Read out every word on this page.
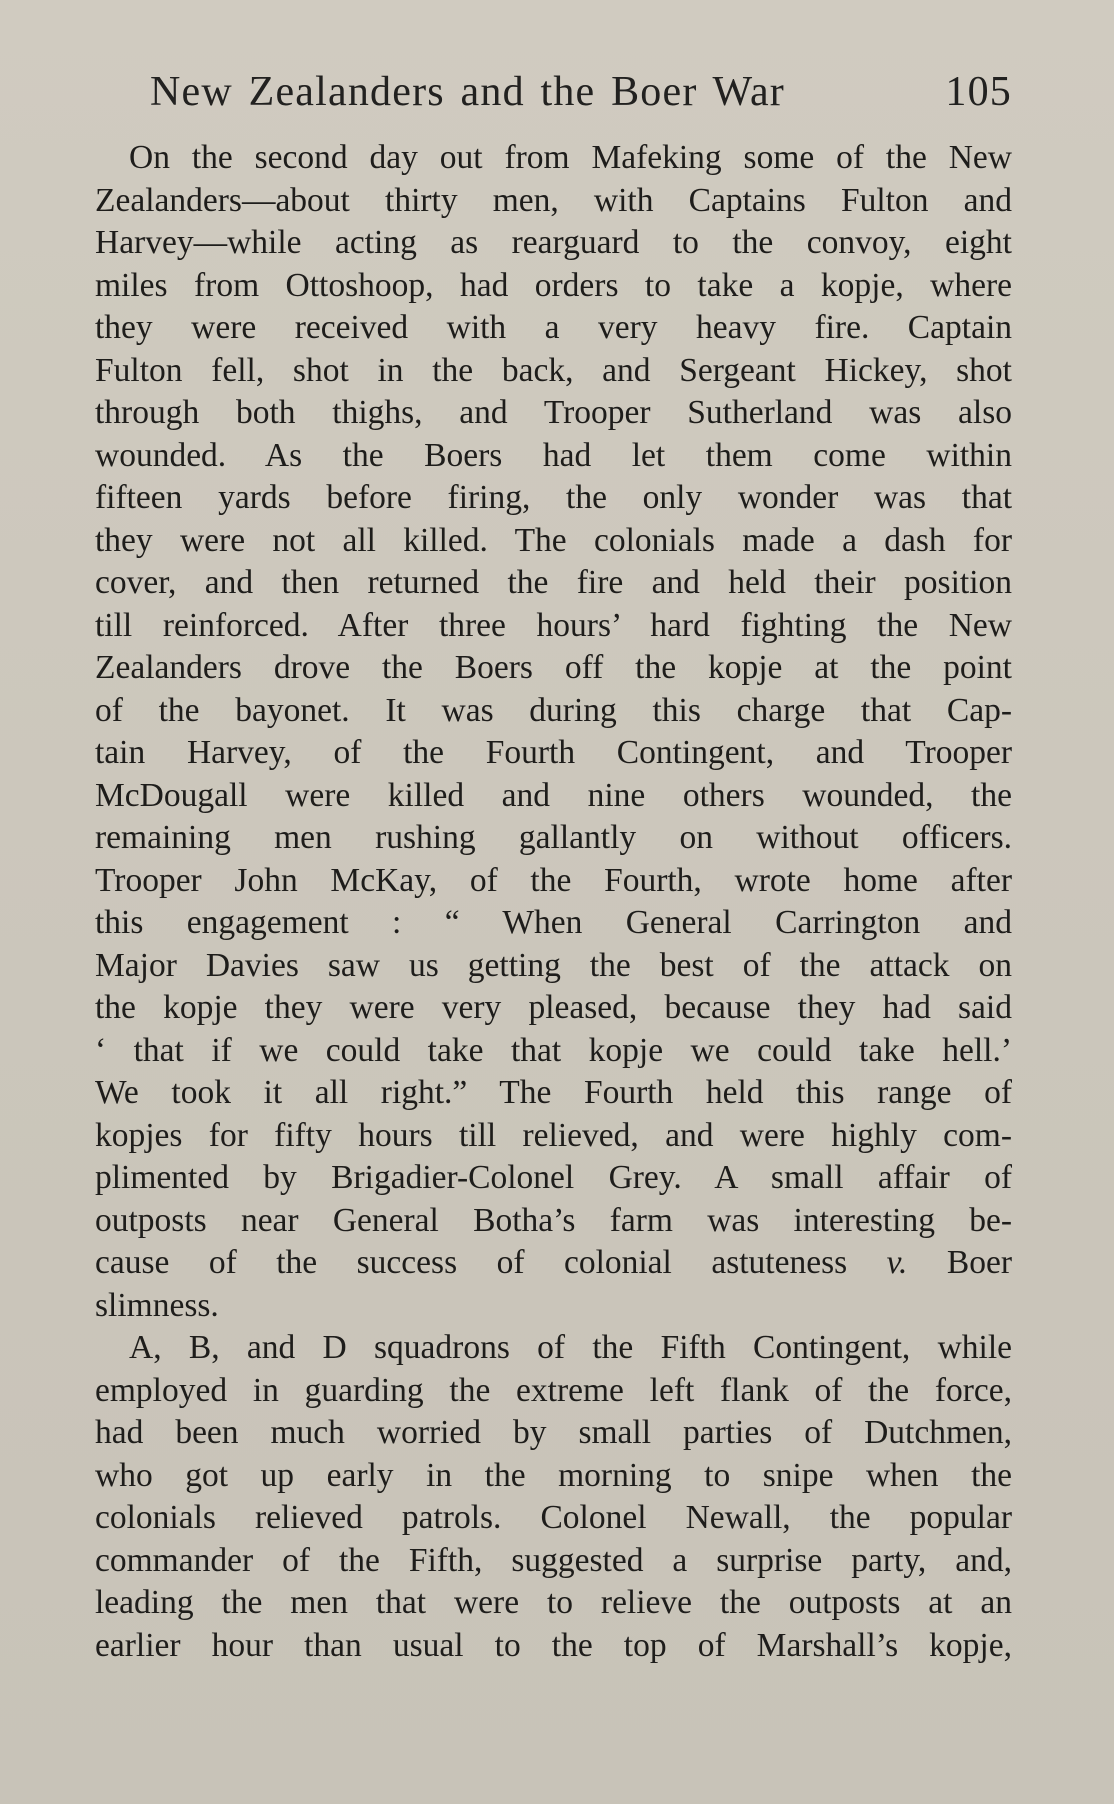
New Zealanders and the Boer War	105
On the second day out from Mafeking some of the New
Zealanders—about thirty men, with Captains Fulton and
Harvey—while acting as rearguard to the convoy, eight
miles from Ottoshoop, had orders to take a kopje, where
they were received with a very heavy fire. Captain
Fulton fell, shot in the back, and Sergeant Hickey, shot
through both thighs, and Trooper Sutherland was also
wounded. As the Boers had let them come within
fifteen yards before firing, the only wonder was that
they were not all killed. The colonials made a dash for
cover, and then returned the fire and held their position
till reinforced. After three hours’ hard fighting the New
Zealanders drove the Boers off the kopje at the point
of the bayonet. It was during this charge that Cap-
tain Harvey, of the Fourth Contingent, and Trooper
McDougall were killed and nine others wounded, the
remaining men rushing gallantly on without officers.
Trooper John McKay, of the Fourth, wrote home after
this engagement : “ When General Carrington and
Major Davies saw us getting the best of the attack on
the kopje they were very pleased, because they had said
‘ that if we could take that kopje we could take hell.’
We took it all right.” The Fourth held this range of
kopjes for fifty hours till relieved, and were highly com-
plimented by Brigadier-Colonel Grey. A small affair of
outposts near General Botha’s farm was interesting be-
cause of the success of colonial astuteness v. Boer
slimness.
A, B, and D squadrons of the Fifth Contingent, while
employed in guarding the extreme left flank of the force,
had been much worried by small parties of Dutchmen,
who got up early in the morning to snipe when the
colonials relieved patrols. Colonel Newall, the popular
commander of the Fifth, suggested a surprise party, and,
leading the men that were to relieve the outposts at an
earlier hour than usual to the top of Marshall’s kopje,
